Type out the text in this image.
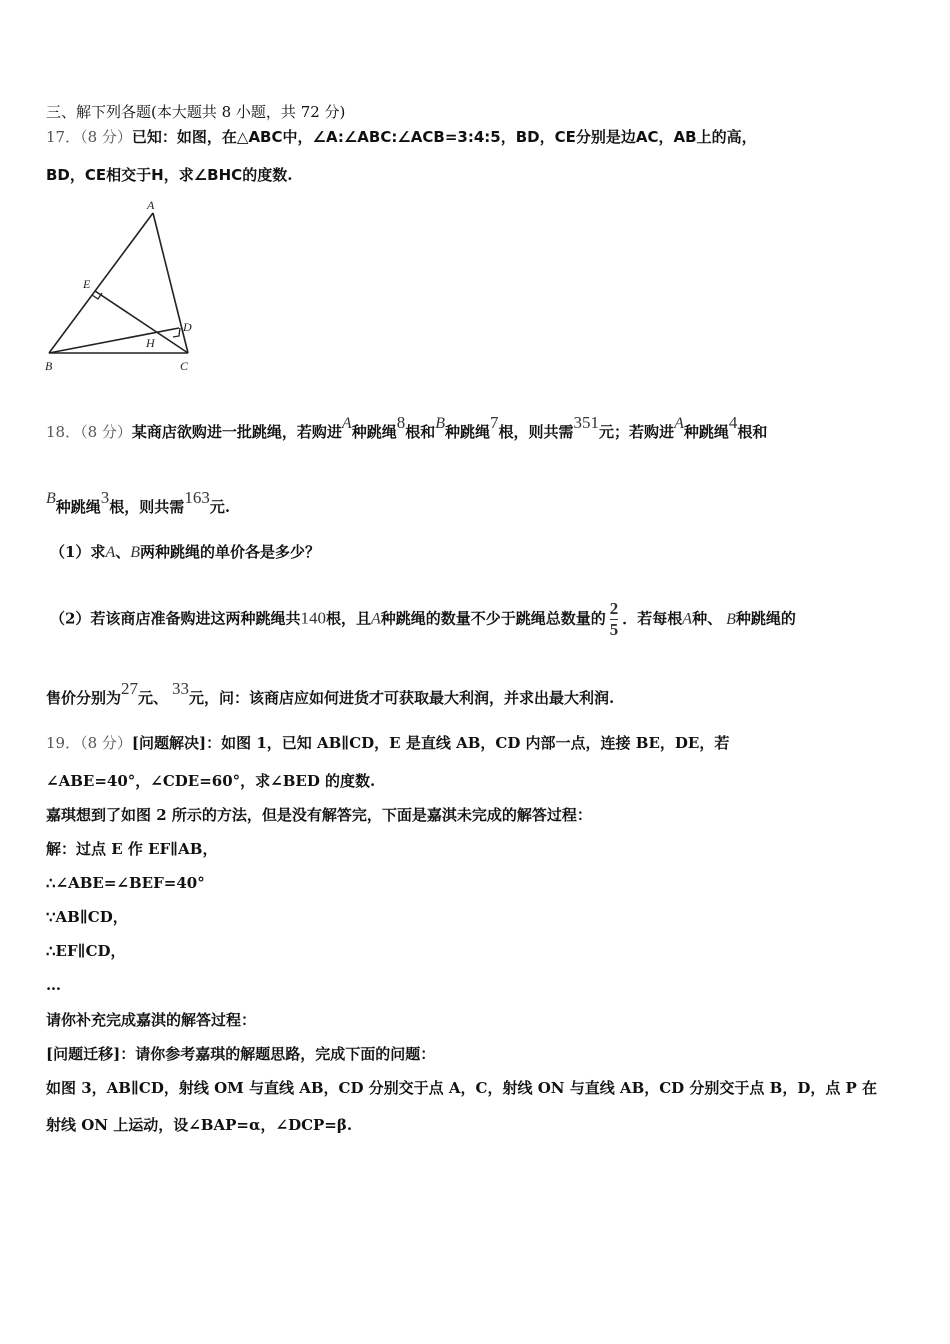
三、解下列各题(本大题共 8 小题，共 72 分)
17．（8 分）已知：如图，在△ABC中，∠A:∠ABC:∠ACB=3:4:5，BD，CE分别是边AC，AB上的高，
BD，CE相交于H，求∠BHC的度数.
A
E
D
H
B	C
18．（8 分）某商店欲购进一批跳绳，若购进A种跳绳8根和B种跳绳7根，则共需351元；若购进A种跳绳4根和
B种跳绳3根，则共需163元.
（1）求A、B两种跳绳的单价各是多少？
（2）若该商店准备购进这两种跳绳共140根，且A种跳绳的数量不少于跳绳总数量的 $\frac{2}{5}$ ．若每根A种、 B种跳绳的
售价分别为27元、 33元，问：该商店应如何进货才可获取最大利润，并求出最大利润.
19．（8 分）[问题解决]：如图 1，已知 AB∥CD，E 是直线 AB，CD 内部一点，连接 BE，DE，若
∠ABE=40°，∠CDE=60°，求∠BED 的度数.
嘉琪想到了如图 2 所示的方法，但是没有解答完，下面是嘉淇未完成的解答过程：
解：过点 E 作 EF∥AB，
∴∠ABE=∠BEF=40°
∵AB∥CD，
∴EF∥CD，
…
请你补充完成嘉淇的解答过程：
[问题迁移]：请你参考嘉琪的解题思路，完成下面的问题：
如图 3，AB∥CD，射线 OM 与直线 AB，CD 分别交于点 A，C，射线 ON 与直线 AB，CD 分别交于点 B，D，点 P 在
射线 ON 上运动，设∠BAP=α，∠DCP=β.
